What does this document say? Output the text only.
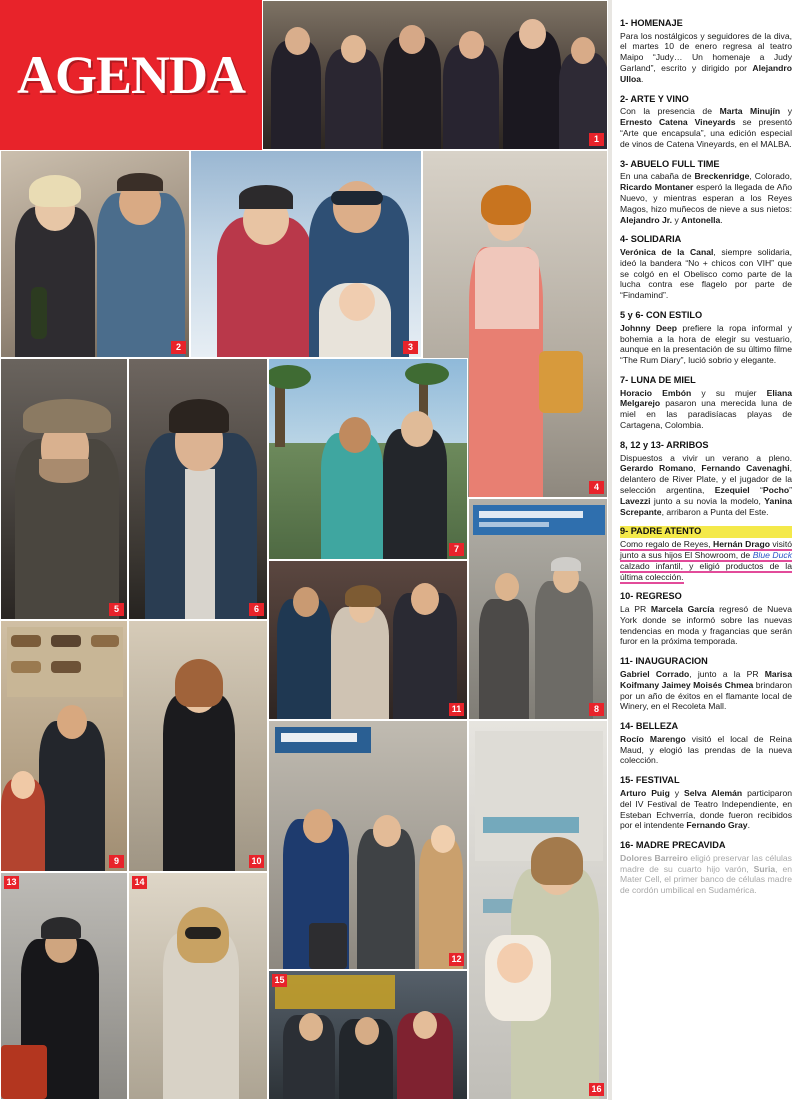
1
2	3
4
5	6
7
11	8
9	10
12
16
13	14
15
AGENDA
1- HOMENAJE
Para los nostálgicos y seguidores de la diva, el martes 10 de enero regresa al teatro Maipo “Judy… Un homenaje a Judy Garland”, escrito y dirigido por Alejandro Ulloa.
2- ARTE Y VINO
Con la presencia de Marta Minujín y Ernesto Catena Vineyards se presentó “Arte que encapsula”, una edición especial de vinos de Catena Vineyards, en el MALBA.
3- ABUELO FULL TIME
En una cabaña de Breckenridge, Colorado, Ricardo Montaner esperó la llegada de Año Nuevo, y mientras esperan a los Reyes Magos, hizo muñecos de nieve a sus nietos: Alejandro Jr. y Antonella.
4- SOLIDARIA
Verónica de la Canal, siempre solidaria, ideó la bandera “No + chicos con VIH” que se colgó en el Obelisco como parte de la lucha contra ese flagelo por parte de “Findamind”.
5 y 6- CON ESTILO
Johnny Deep prefiere la ropa informal y bohemia a la hora de elegir su vestuario, aunque en la presentación de su último filme “The Rum Diary”, lució sobrio y elegante.
7- LUNA DE MIEL
Horacio Embón y su mujer Eliana Melgarejo pasaron una merecida luna de miel en las paradisíacas playas de Cartagena, Colombia.
8, 12 y 13- ARRIBOS
Dispuestos a vivir un verano a pleno. Gerardo Romano, Fernando Cavenaghi, delantero de River Plate, y el jugador de la selección argentina, Ezequiel “Pocho” Lavezzi junto a su novia la modelo, Yanina Screpante, arribaron a Punta del Este.
9- PADRE ATENTO
Como regalo de Reyes, Hernán Drago visitó junto a sus hijos El Showroom, de Blue Duck calzado infantil, y eligió productos de la última colección.
10- REGRESO
La PR Marcela García regresó de Nueva York donde se informó sobre las nuevas tendencias en moda y fragancias que serán furor en la próxima temporada.
11- INAUGURACION
Gabriel Corrado, junto a la PR Marisa Koifmany Jaimey Moisés Chmea brindaron por un año de éxitos en el flamante local de Winery, en el Recoleta Mall.
14- BELLEZA
Rocío Marengo visitó el local de Reina Maud, y elogió las prendas de la nueva colección.
15- FESTIVAL
Arturo Puig y Selva Alemán participaron del IV Festival de Teatro Independiente, en Esteban Echverría, donde fueron recibidos por el intendente Fernando Gray.
16- MADRE PRECAVIDA
Dolores Barreiro eligió preservar las células madre de su cuarto hijo varón, Suria, en Mater Cell, el primer banco de células madre de cordón umbilical en Sudamérica.
